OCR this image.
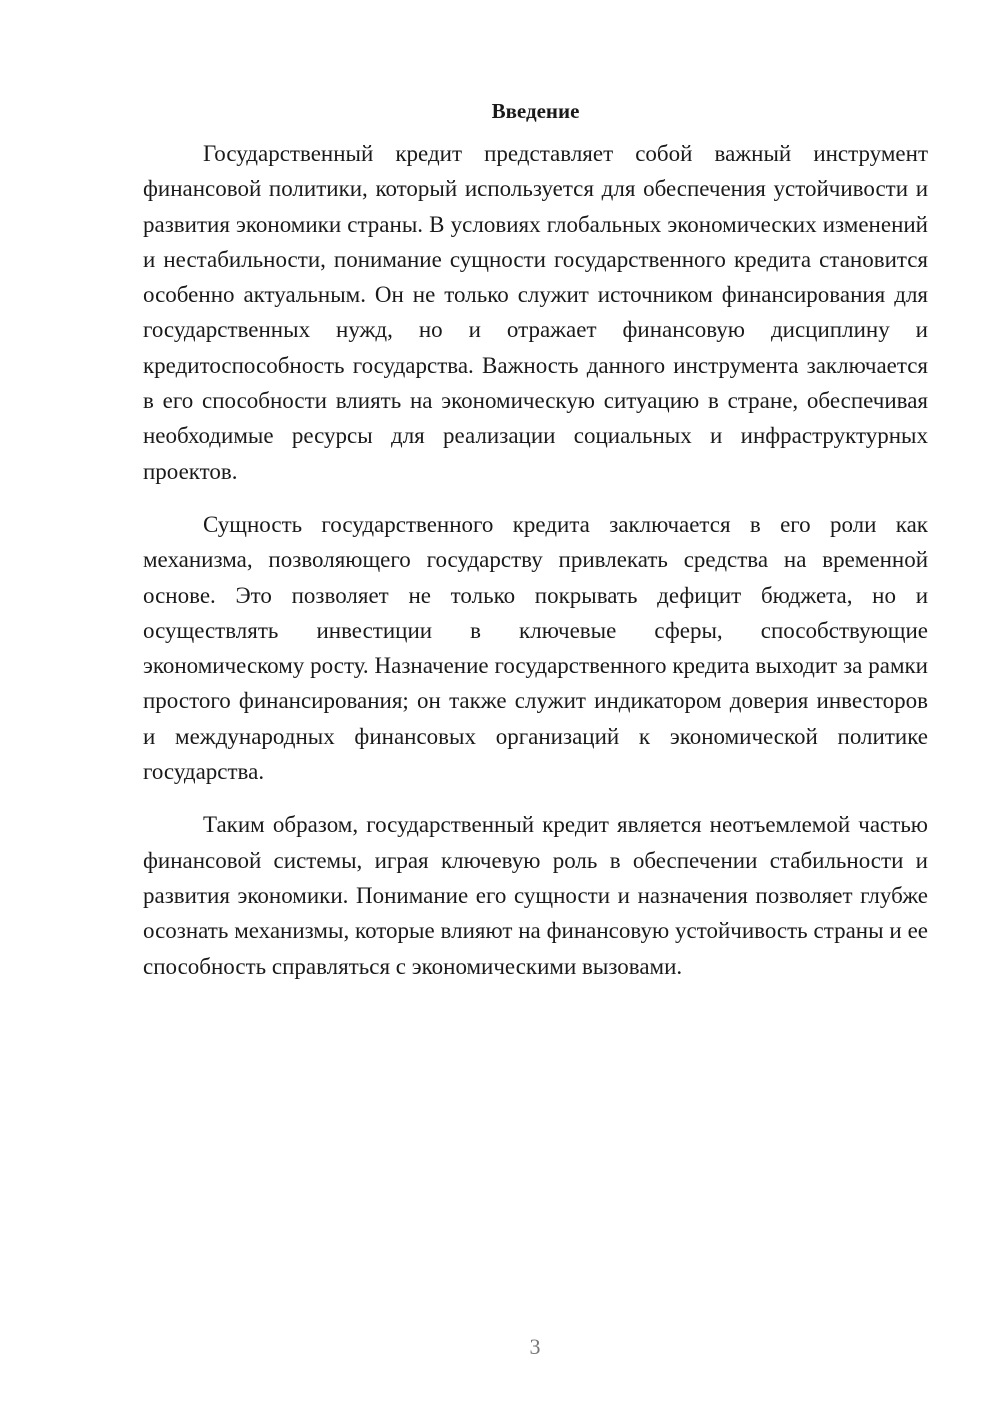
Введение

Государственный кредит представляет собой важный инструмент финансовой политики, который используется для обеспечения устойчивости и развития экономики страны. В условиях глобальных экономических изменений и нестабильности, понимание сущности государственного кредита становится особенно актуальным. Он не только служит источником финансирования для государственных нужд, но и отражает финансовую дисциплину и кредитоспособность государства. Важность данного инструмента заключается в его способности влиять на экономическую ситуацию в стране, обеспечивая необходимые ресурсы для реализации социальных и инфраструктурных проектов.

Сущность государственного кредита заключается в его роли как механизма, позволяющего государству привлекать средства на временной основе. Это позволяет не только покрывать дефицит бюджета, но и осуществлять инвестиции в ключевые сферы, способствующие экономическому росту. Назначение государственного кредита выходит за рамки простого финансирования; он также служит индикатором доверия инвесторов и международных финансовых организаций к экономической политике государства.

Таким образом, государственный кредит является неотъемлемой частью финансовой системы, играя ключевую роль в обеспечении стабильности и развития экономики. Понимание его сущности и назначения позволяет глубже осознать механизмы, которые влияют на финансовую устойчивость страны и ее способность справляться с экономическими вызовами.

3
